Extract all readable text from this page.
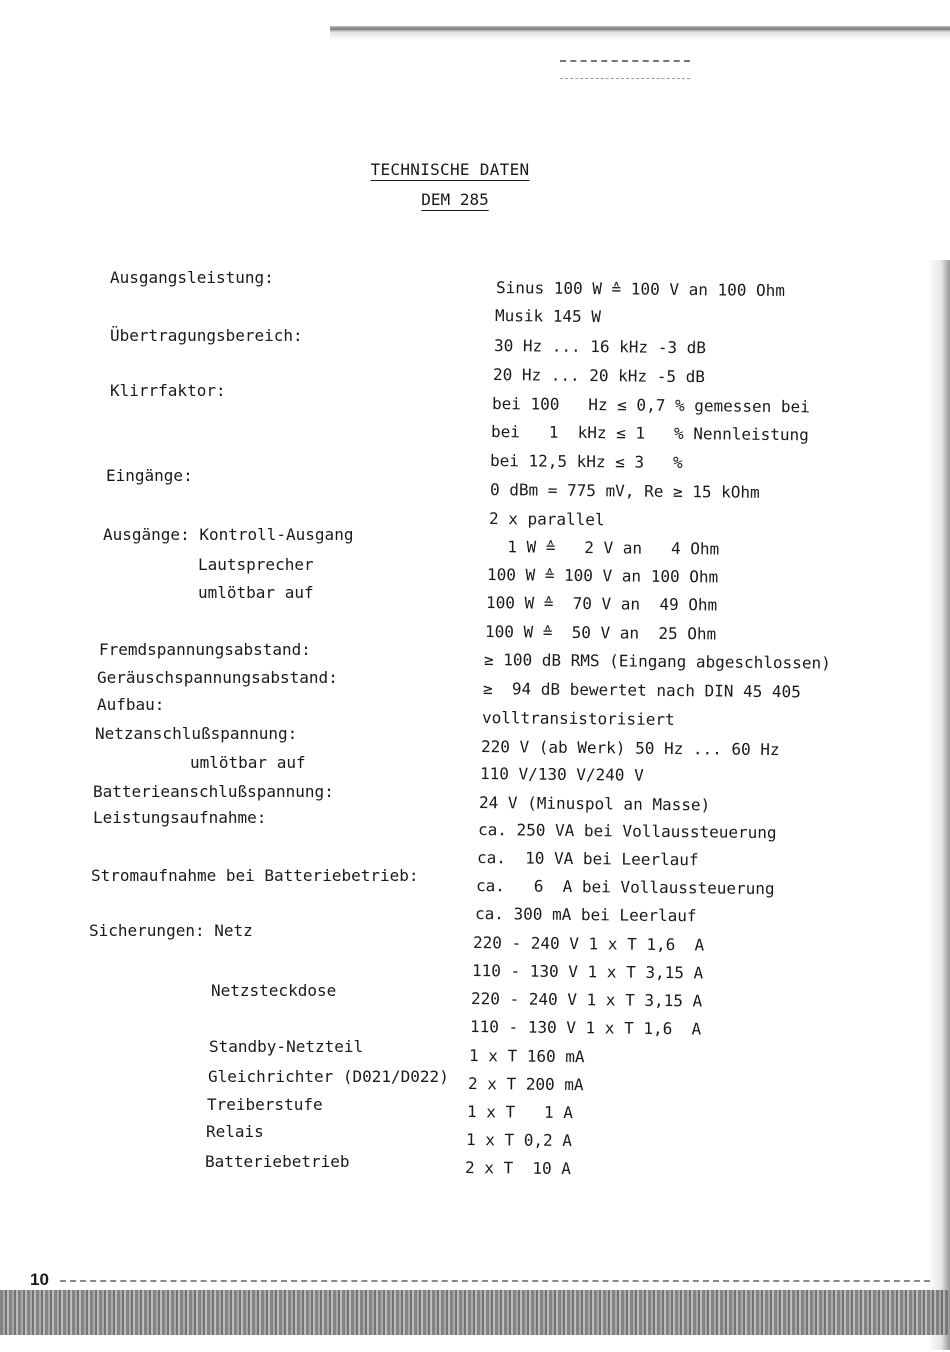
TECHNISCHE DATEN
DEM 285
Ausgangsleistung:
Übertragungsbereich:
Klirrfaktor:
Eingänge:
Ausgänge: Kontroll-Ausgang
Lautsprecher
umlötbar auf
Fremdspannungsabstand:
Geräuschspannungsabstand:
Aufbau:
Netzanschlußspannung:
umlötbar auf
Batterieanschlußspannung:
Leistungsaufnahme:
Stromaufnahme bei Batteriebetrieb:
Sicherungen: Netz
Netzsteckdose
Standby-Netzteil
Gleichrichter (D021/D022)
Treiberstufe
Relais
Batteriebetrieb
Sinus 100 W ≙ 100 V an 100 Ohm
Musik 145 W
30 Hz ... 16 kHz -3 dB
20 Hz ... 20 kHz -5 dB
bei 100   Hz ≤ 0,7 % gemessen bei
bei   1  kHz ≤ 1   % Nennleistung
bei 12,5 kHz ≤ 3   %
0 dBm = 775 mV, Re ≥ 15 kOhm
2 x parallel
1 W ≙   2 V an   4 Ohm
100 W ≙ 100 V an 100 Ohm
100 W ≙  70 V an  49 Ohm
100 W ≙  50 V an  25 Ohm
≥ 100 dB RMS (Eingang abgeschlossen)
≥  94 dB bewertet nach DIN 45 405
volltransistorisiert
220 V (ab Werk) 50 Hz ... 60 Hz
110 V/130 V/240 V
24 V (Minuspol an Masse)
ca. 250 VA bei Vollaussteuerung
ca.  10 VA bei Leerlauf
ca.   6  A bei Vollaussteuerung
ca. 300 mA bei Leerlauf
220 - 240 V 1 x T 1,6  A
110 - 130 V 1 x T 3,15 A
220 - 240 V 1 x T 3,15 A
110 - 130 V 1 x T 1,6  A
1 x T 160 mA
2 x T 200 mA
1 x T   1 A
1 x T 0,2 A
2 x T  10 A
10
